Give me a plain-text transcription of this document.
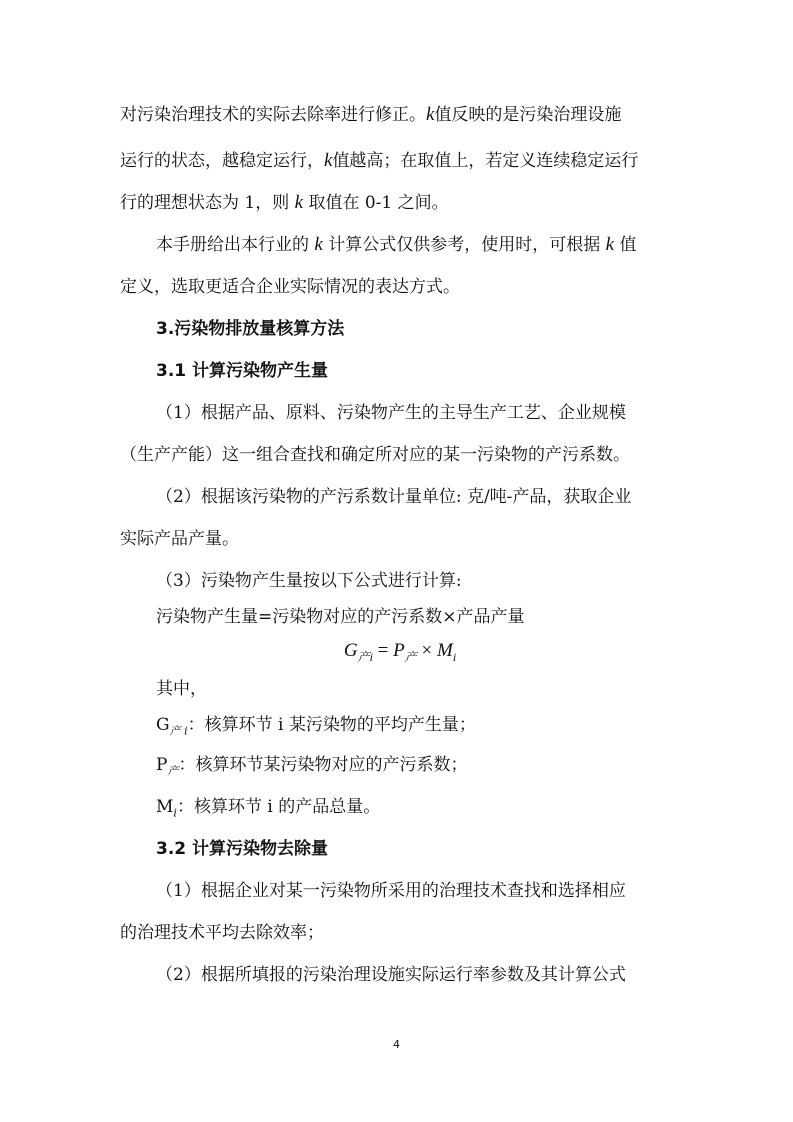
对污染治理技术的实际去除率进行修正。k值反映的是污染治理设施

运行的状态，越稳定运行，k值越高；在取值上，若定义连续稳定运行

行的理想状态为 1，则 k 取值在 0-1 之间。

本手册给出本行业的 k 计算公式仅供参考，使用时，可根据 k 值

定义，选取更适合企业实际情况的表达方式。

3.污染物排放量核算方法

3.1 计算污染物产生量

（1）根据产品、原料、污染物产生的主导生产工艺、企业规模

（生产产能）这一组合查找和确定所对应的某一污染物的产污系数。

（2）根据该污染物的产污系数计量单位: 克/吨-产品，获取企业

实际产品产量。

（3）污染物产生量按以下公式进行计算:

污染物产生量=污染物对应的产污系数×产品产量

$G_{产i} = P_产 \times M_i$

其中，

$G_{产 i}$：核算环节 i 某污染物的平均产生量；

$P_产$：核算环节某污染物对应的产污系数；

$M_i$：核算环节 i 的产品总量。

3.2 计算污染物去除量

（1）根据企业对某一污染物所采用的治理技术查找和选择相应

的治理技术平均去除效率；

（2）根据所填报的污染治理设施实际运行率参数及其计算公式

4
